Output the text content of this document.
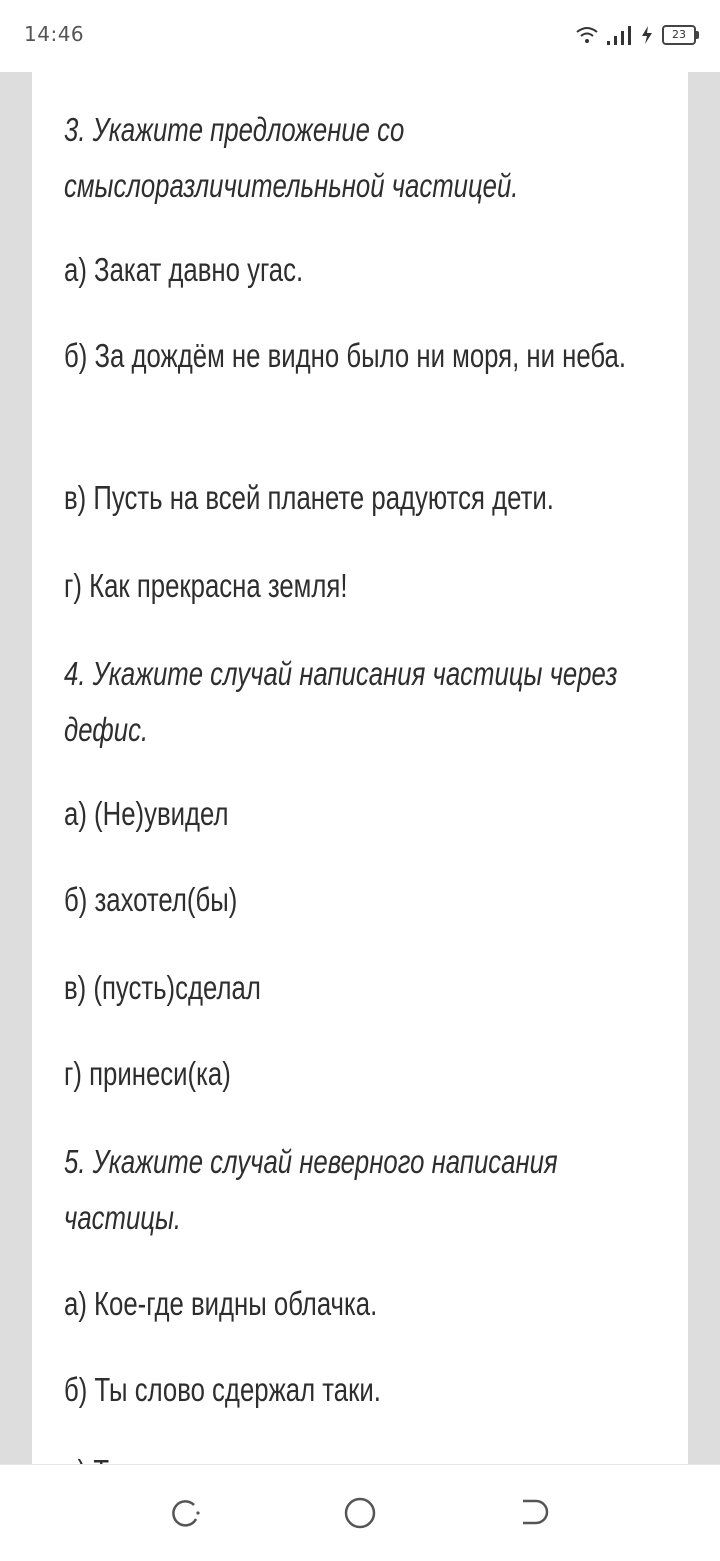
14:46	23
3. Укажите предложение со смыслоразличительньной частицей.
а) Закат давно угас.
б) За дождём не видно было ни моря, ни неба.
в) Пусть на всей планете радуются дети.
г) Как прекрасна земля!
4. Укажите случай написания частицы через дефис.
а) (Не)увидел
б) захотел(бы)
в) (пусть)сделал
г) принеси(ка)
5. Укажите случай неверного написания частицы.
а) Кое-где видны облачка.
б) Ты слово сдержал таки.
